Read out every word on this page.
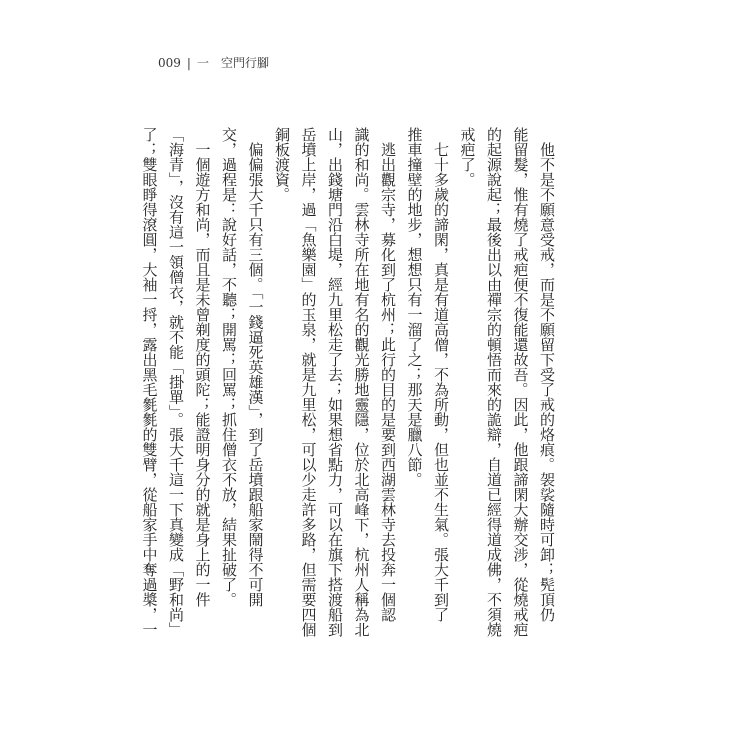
009 | 一　空門行腳
他不是不願意受戒，而是不願留下受了戒的烙痕。袈裟隨時可卸；髡頂仍
能留髮，惟有燒了戒疤便不復能還故吾。因此，他跟諦閑大辦交涉，從燒戒疤
的起源說起；最後出以由禪宗的頓悟而來的詭辯，自道已經得道成佛，不須燒
戒疤了。
七十多歲的諦閑，真是有道高僧，不為所動，但也並不生氣。張大千到了
推車撞壁的地步，想想只有一溜了之；那天是臘八節。
逃出觀宗寺，募化到了杭州；此行的目的是要到西湖雲林寺去投奔一個認
識的和尚。雲林寺所在地有名的觀光勝地靈隱，位於北高峰下，杭州人稱為北
山，出錢塘門沿白堤，經九里松走了去；如果想省點力，可以在旗下搭渡船到
岳墳上岸，過「魚樂園」的玉泉，就是九里松，可以少走許多路，但需要四個
銅板渡資。
偏偏張大千只有三個。「一錢逼死英雄漢」，到了岳墳跟船家鬧得不可開
交，過程是：說好話，不聽；開罵；回罵；抓住僧衣不放，結果扯破了。
一個遊方和尚，而且是未曾剃度的頭陀；能證明身分的就是身上的一件
「海青」，沒有這一領僧衣，就不能「掛單」。張大千這一下真變成「野和尚」
了；雙眼睜得滾圓，大袖一捋，露出黑毛毿毿的雙臂，從船家手中奪過槳，一
